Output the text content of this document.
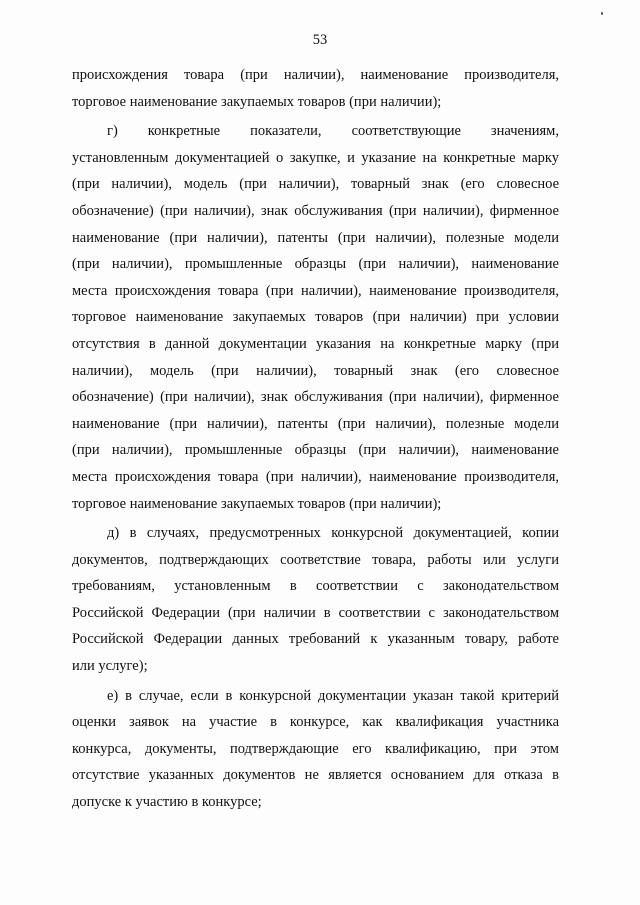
53
происхождения товара (при наличии), наименование производителя,
торговое наименование закупаемых товаров (при наличии);
г) конкретные показатели, соответствующие значениям,
установленным документацией о закупке, и указание на конкретные марку
(при наличии), модель (при наличии), товарный знак (его словесное
обозначение) (при наличии), знак обслуживания (при наличии), фирменное
наименование (при наличии), патенты (при наличии), полезные модели
(при наличии), промышленные образцы (при наличии), наименование
места происхождения товара (при наличии), наименование производителя,
торговое наименование закупаемых товаров (при наличии) при условии
отсутствия в данной документации указания на конкретные марку (при
наличии), модель (при наличии), товарный знак (его словесное
обозначение) (при наличии), знак обслуживания (при наличии), фирменное
наименование (при наличии), патенты (при наличии), полезные модели
(при наличии), промышленные образцы (при наличии), наименование
места происхождения товара (при наличии), наименование производителя,
торговое наименование закупаемых товаров (при наличии);
д) в случаях, предусмотренных конкурсной документацией, копии
документов, подтверждающих соответствие товара, работы или услуги
требованиям, установленным в соответствии с законодательством
Российской Федерации (при наличии в соответствии с законодательством
Российской Федерации данных требований к указанным товару, работе
или услуге);
е) в случае, если в конкурсной документации указан такой критерий
оценки заявок на участие в конкурсе, как квалификация участника
конкурса, документы, подтверждающие его квалификацию, при этом
отсутствие указанных документов не является основанием для отказа в
допуске к участию в конкурсе;
